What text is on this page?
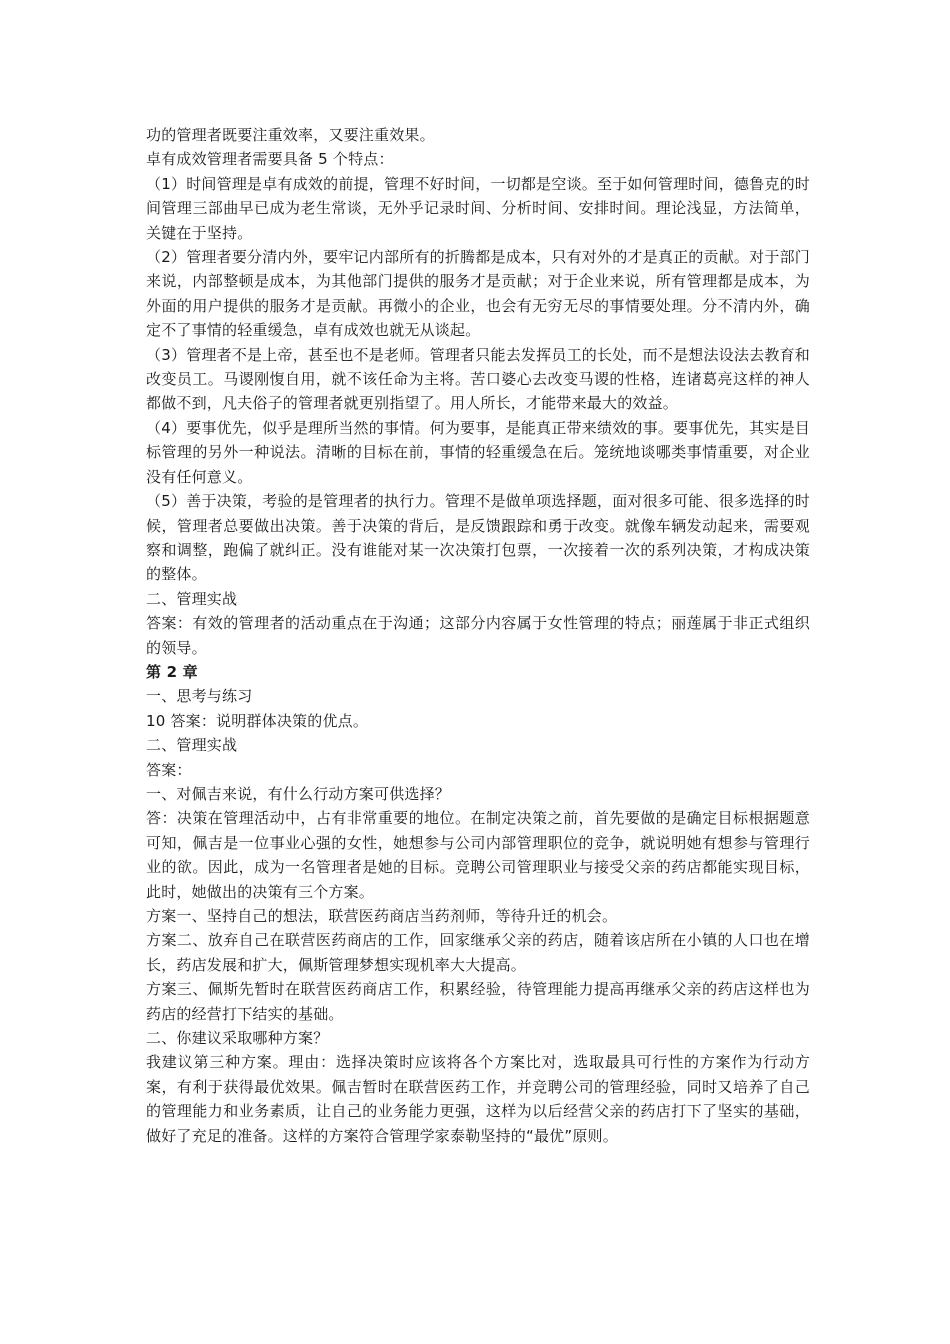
功的管理者既要注重效率，又要注重效果。

卓有成效管理者需要具备 5 个特点：

（1）时间管理是卓有成效的前提，管理不好时间，一切都是空谈。至于如何管理时间，德鲁克的时间管理三部曲早已成为老生常谈，无外乎记录时间、分析时间、安排时间。理论浅显，方法简单，关键在于坚持。

（2）管理者要分清内外，要牢记内部所有的折腾都是成本，只有对外的才是真正的贡献。对于部门来说，内部整顿是成本，为其他部门提供的服务才是贡献；对于企业来说，所有管理都是成本，为外面的用户提供的服务才是贡献。再微小的企业，也会有无穷无尽的事情要处理。分不清内外，确定不了事情的轻重缓急，卓有成效也就无从谈起。

（3）管理者不是上帝，甚至也不是老师。管理者只能去发挥员工的长处，而不是想法设法去教育和改变员工。马谡刚愎自用，就不该任命为主将。苦口婆心去改变马谡的性格，连诸葛亮这样的神人都做不到，凡夫俗子的管理者就更别指望了。用人所长，才能带来最大的效益。

（4）要事优先，似乎是理所当然的事情。何为要事，是能真正带来绩效的事。要事优先，其实是目标管理的另外一种说法。清晰的目标在前，事情的轻重缓急在后。笼统地谈哪类事情重要，对企业没有任何意义。

（5）善于决策，考验的是管理者的执行力。管理不是做单项选择题，面对很多可能、很多选择的时候，管理者总要做出决策。善于决策的背后，是反馈跟踪和勇于改变。就像车辆发动起来，需要观察和调整，跑偏了就纠正。没有谁能对某一次决策打包票，一次接着一次的系列决策，才构成决策的整体。

二、管理实战

答案：有效的管理者的活动重点在于沟通；这部分内容属于女性管理的特点；丽莲属于非正式组织的领导。

第 2 章

一、思考与练习

10 答案：说明群体决策的优点。

二、管理实战

答案：

一、对佩吉来说，有什么行动方案可供选择？

答：决策在管理活动中，占有非常重要的地位。在制定决策之前，首先要做的是确定目标根据题意可知，佩吉是一位事业心强的女性，她想参与公司内部管理职位的竞争，就说明她有想参与管理行业的欲。因此，成为一名管理者是她的目标。竞聘公司管理职业与接受父亲的药店都能实现目标，此时，她做出的决策有三个方案。

方案一、坚持自己的想法，联营医药商店当药剂师，等待升迁的机会。

方案二、放弃自己在联营医药商店的工作，回家继承父亲的药店，随着该店所在小镇的人口也在增长，药店发展和扩大，佩斯管理梦想实现机率大大提高。

方案三、佩斯先暂时在联营医药商店工作，积累经验，待管理能力提高再继承父亲的药店这样也为药店的经营打下结实的基础。

二、你建议采取哪种方案？

我建议第三种方案。理由：选择决策时应该将各个方案比对，选取最具可行性的方案作为行动方案，有利于获得最优效果。佩吉暂时在联营医药工作，并竞聘公司的管理经验，同时又培养了自己的管理能力和业务素质，让自己的业务能力更强，这样为以后经营父亲的药店打下了坚实的基础，做好了充足的准备。这样的方案符合管理学家泰勒坚持的“最优”原则。
